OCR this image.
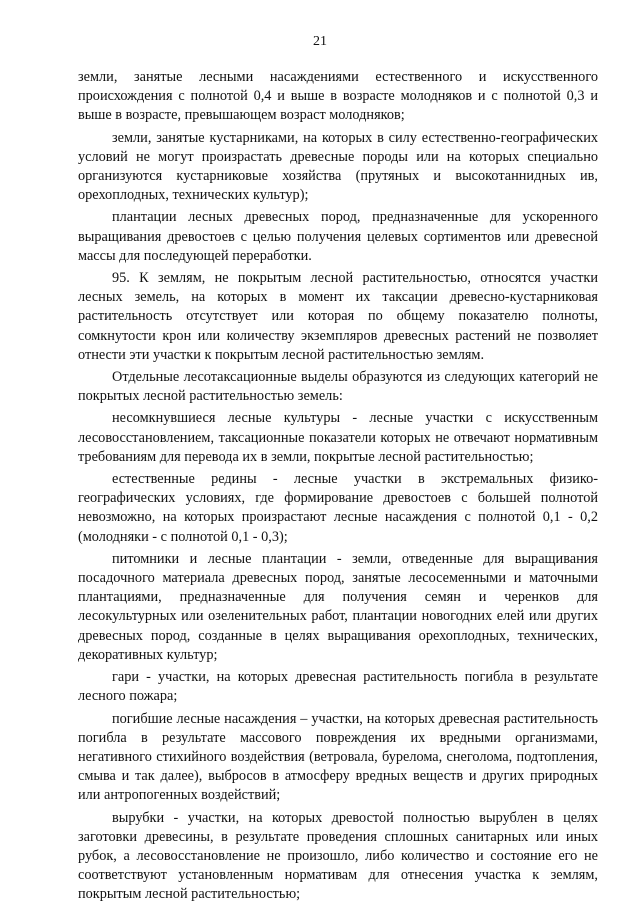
21

земли, занятые лесными насаждениями естественного и искусственного происхождения с полнотой 0,4 и выше в возрасте молодняков и с полнотой 0,3 и выше в возрасте, превышающем возраст молодняков;

земли, занятые кустарниками, на которых в силу естественно-географических условий не могут произрастать древесные породы или на которых специально организуются кустарниковые хозяйства (прутяных и высокотаннидных ив, орехоплодных, технических культур);

плантации лесных древесных пород, предназначенные для ускоренного выращивания древостоев с целью получения целевых сортиментов или древесной массы для последующей переработки.

95. К землям, не покрытым лесной растительностью, относятся участки лесных земель, на которых в момент их таксации древесно-кустарниковая растительность отсутствует или которая по общему показателю полноты, сомкнутости крон или количеству экземпляров древесных растений не позволяет отнести эти участки к покрытым лесной растительностью землям.

Отдельные лесотаксационные выделы образуются из следующих категорий не покрытых лесной растительностью земель:

несомкнувшиеся лесные культуры - лесные участки с искусственным лесовосстановлением, таксационные показатели которых не отвечают нормативным требованиям для перевода их в земли, покрытые лесной растительностью;

естественные редины - лесные участки в экстремальных физико-географических условиях, где формирование древостоев с большей полнотой невозможно, на которых произрастают лесные насаждения с полнотой 0,1 - 0,2 (молодняки - с полнотой 0,1 - 0,3);

питомники и лесные плантации - земли, отведенные для выращивания посадочного материала древесных пород, занятые лесосеменными и маточными плантациями, предназначенные для получения семян и черенков для лесокультурных или озеленительных работ, плантации новогодних елей или других древесных пород, созданные в целях выращивания орехоплодных, технических, декоративных культур;

гари - участки, на которых древесная растительность погибла в результате лесного пожара;

погибшие лесные насаждения – участки, на которых древесная растительность погибла в результате массового повреждения их вредными организмами, негативного стихийного воздействия (ветровала, бурелома, снеголома, подтопления, смыва и так далее), выбросов в атмосферу вредных веществ и других природных или антропогенных воздействий;

вырубки - участки, на которых древостой полностью вырублен в целях заготовки древесины, в результате проведения сплошных санитарных или иных рубок, а лесовосстановление не произошло, либо количество и состояние его не соответствуют установленным нормативам для отнесения участка к землям, покрытым лесной растительностью;
